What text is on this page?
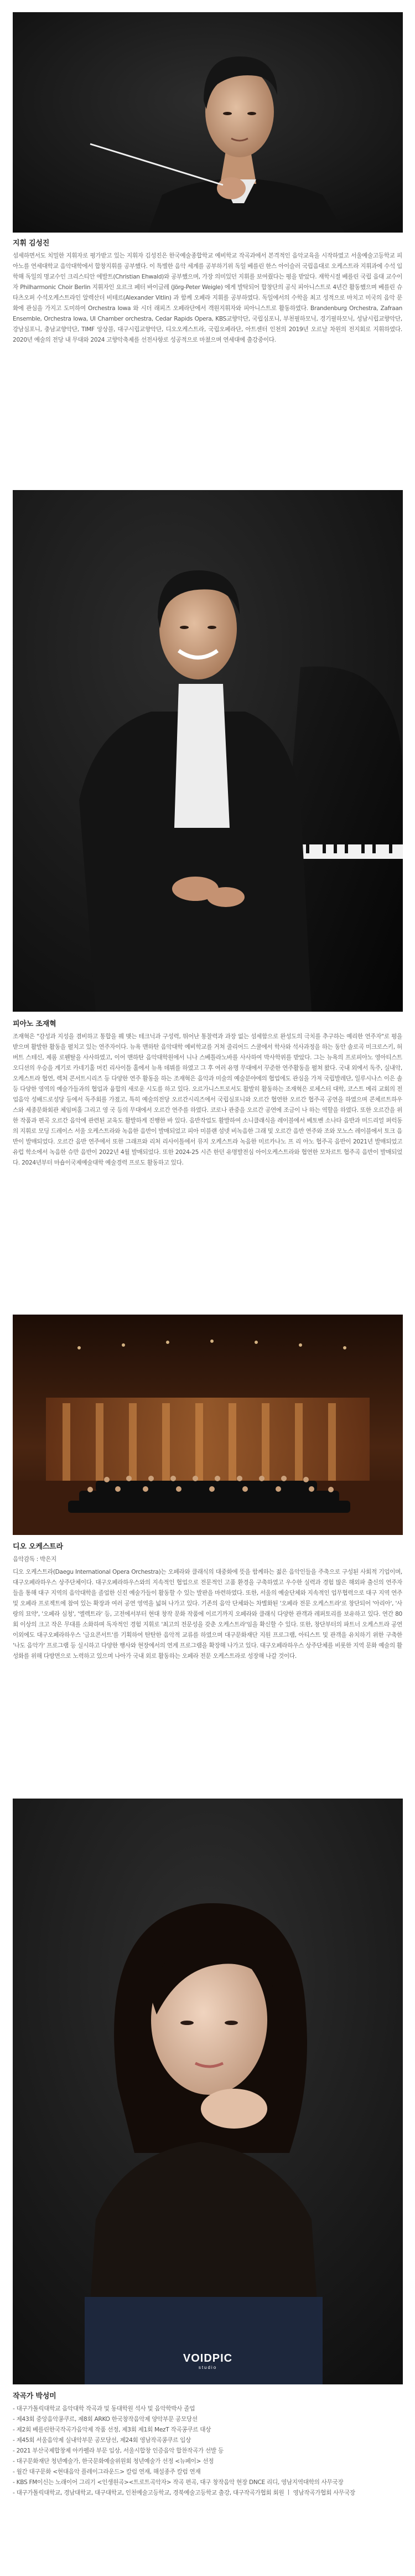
지휘 김성진
섬세하면서도 치밀한 지휘자로 평가받고 있는 지휘자 김성진은 한국예술종합학교 예비학교 작곡과에서 본격적인 음악교육을 시작하였고 서울예술고등학교 피아노를 연세대학교 음악대학에서 합창지휘를 공부했다. 이 특별한 음악 세계를 공부하기위 독일 베를린 한스 아이슬러 국립음대로 오케스트라 지휘과에 수석 입학해 독일의 명교수인 크리스티안 에발트(Christian Ehwald)와 공부했으며, 가장 의미있던 지휘를 보여줬다는 평을 받았다. 재학시절 베를린 국립 음대 교수이자 Philharmonic Choir Berlin 지휘자인 요르크 페터 바이글레 (Jörg-Peter Weigle) 에게 발탁되어 합창단의 공식 피아니스트로 4년간 활동했으며 베를린 슈타츠오퍼 수석오케스트라인 알렉산더 비테르(Alexander Vitlin) 과 함께 오페라 지휘를 공부하였다. 독일에서의 수학을 최고 성적으로 마치고 미국의 음악 문화에 관심을 가지고 도미하여 Orchestra Iowa 와 시더 래피즈 오페라단에서 객원지휘자와 피아니스트로 활동하였다. Brandenburg Orchestra, Zafraan Ensemble, Orchestra Iowa, UI Chamber orchestra, Cedar Rapids Opera, KBS교향악단, 국립심포니, 부천필하모닉, 경기필하모닉, 성남시립교향악단, 강남심포니, 충남교향악단, TIMF 앙상블, 대구시립교향악단, 디오오케스트라, 국립오페라단, 아트센터 인천의 2019년 오르날 차원의 전지회로 지휘하였다. 2020년 예술의 전당 내 무대와 2024 고향악축제를 선전사항로 성공적으로 마쳤으며 연세대에 출강중이다.
피아노 조재혁
조재혁은 "감성과 지성을 겸비하고 통합을 꿰 맺는 테크닉과 구성력, 뛰어난 통찰력과 과장 없는 섬세함으로 완성도의 극치를 추구하는 예리한 연주자"로 평을 받으며 활발한 활동을 펼치고 있는 연주자이다. 뉴욕 맨하탄 음악대학 예비학교를 거쳐 줄리어드 스쿨에서 학사와 석사과정을 하는 동안 솔로곡 미크로스키, 허버트 스테신, 제롬 로웬탈을 사사하였고, 이어 맨하탄 음악대학원에서 니나 스베틀라노바를 사사하여 박사학위를 받았다. 그는 뉴욕의 프로피아노 영아티스트 오디션의 우승을 계기로 카네기홀 머킨 리사이틀 홀에서 뉴욕 데뷔를 하였고 그 후 여러 유명 무대에서 꾸준한 연주활동을 펼쳐 왔다. 국내 외에서 독주, 실내악, 오케스트라 협연, 렉처 콘서트시리즈 등 다양한 연주 활동을 하는 조재혁은 음악과 미술의 예술분야에의 협업에도 관심을 가져 국립발레단, 일루시나스 이은 솔등 다양한 영역의 예술가들과의 협업과 융합의 새로운 시도를 하고 있다. 오르가니스트로서도 활발히 활동하는 조재혁은 로체스터 대학, 코스트 메리 교회의 전업음악 성배드로성당 등에서 독주회를 가졌고, 특히 예술의전당 오르간시리즈에서 국립심포니와 오르간 협연한 오르간 협주곡 공연을 하였으며 콘체르트하우스와 세종문화회관 체임버홀 그리고 영 국 등의 무대에서 오르간 연주를 하였다. 코로나 관중을 오르간 공연에 조금이 나 하는 역할을 하였다. 또한 오르간을 위한 작품과 편곡 오르간 음악에 관련된 교육도 활발하게 진행한 바 있다. 음반작업도 활발하여 소니클래식을 레이블에서 베토벤 소나타 음반과 미드리얼 퍼럭동의 지휘로 모딩 드레이스 서울 오케스트라와 녹음한 음반이 발매되었고 피아 미블랜 섬넷 비녹음한 그래 및 오르간 음반 연주와 조와 모노스 레이블에서 토크 음반이 발매되었다. 오르간 음반 연주에서 또한 그래프와 리처 리사이틀에서 뮤지 오케스트라 녹음한 미르카나노 프 리 아노 협주곡 음반이 2021년 발매되었고 유럽 학소에서 녹음한 슈만 음반이 2022년 4월 발매되었다. 또한 2024-25 시즌 한던 유명발전심 아이오케스트라와 협연한 모차르트 협주곡 음반이 발매되었다. 2024년부터 마숍이국제예술대학 예술경력 프로도 활동하고 있다.
디오 오케스트라
음악감독 : 박은지
디오 오케스트라(Daegu International Opera Orchestra)는 오페라와 클래식의 대중화에 뜻을 함께하는 젊은 음악인들을 주축으로 구성된 사회적 기업이며, 대구오페라하우스 상주단체이다. 대구오페라하우스와의 지속적인 협업으로 전문적인 고품 환경을 구축하였고 우수한 실력과 경험 많은 해외파 출신의 연주자들을 통해 대구 지역의 음악대학을 졸업한 신진 예술가들이 활동할 수 있는 발판을 마련하였다. 또한, 서울의 예술단체와 지속적인 업무협력으로 대구 지역 연주 및 오페라 프로젝트에 참여 있는 확장과 여러 공연 영역을 넓혀 나가고 있다. 기존의 음악 단체와는 차별화된 '오페라 전문 오케스트라'로 창단되어 '아리아', '사랑의 묘약', '오페라 심청', '엘렉트라' 등, 고전에서부터 현대 창작 문화 작품에 이르기까지 오페라와 클래식 다양한 관객과 레퍼토리를 보유하고 있다. 연간 80회 이상의 크고 작은 무대를 소화하며 독자적인 경험 지휘로 '최고의 전문성을 갖춘 오케스트라'임을 확신할 수 있다. 또한, 창단부터의 파트너 오케스트라 공연 이외에도 대구오페라하우스 '금요콘서트'를 기획하여 탄탄한 음악적 교류를 하였으며 대구문화재단 지원 프로그램, 아티스트 및 관객을 유치하기 위한 구축한 '나도 음악가' 프로그램 등 실시하고 다양한 행사와 현장에서의 연계 프로그램을 확장해 나가고 있다. 대구오페라하우스 상주단체를 비롯한 지역 문화 예술의 활성화를 위해 다방면으로 노력하고 있으며 나아가 국내 외로 활동하는 오페라 전문 오케스트라로 성장해 나갈 것이다.
VOIDPIC
studio
작곡가 박성미
- 대구가톨릭대학교 음악대학 작곡과 및 동대학원 석사 및 음악학박사 졸업
- 제43회 중앙음악콩쿠르, 제8회 ARKO 한국창작음악제 양악부문 공모당선
- 제2회 베를린한국작곡가음악제 작품 선정, 제3회 제1회 MezT 작곡콩쿠르 대상
- 제45회 서울음악제 실내악부문 공모당선, 제24회 영남작곡콩쿠르 입상
- 2021 부산국제합창제 아카펠라 부문 입상, 서울시합창 인증음악 합찬작곡가 선발 등
- 대구문화재단 청년예술가, 한국문화예술위원회 청년예술가 선정 <뉴페이> 선정
- 월간 대구문화 <현대음악 플레이그라운드> 칼럼 연재, 해설종주 칼럼 연재
- KBS FM이신는 노래이어 그리기 <인생원곡><트로트곡악자> 작곡 편곡, 대구 창작음악 현장 DNCE 리디, 영남지역대학의 사무국장
- 대구가톨릭대학교, 경남대학교, 대구대학교, 인천예술고등학교, 경북예술고등학교 출강, 대구작곡가협회 회원 ㅣ 영남작곡가협회 사무국장
